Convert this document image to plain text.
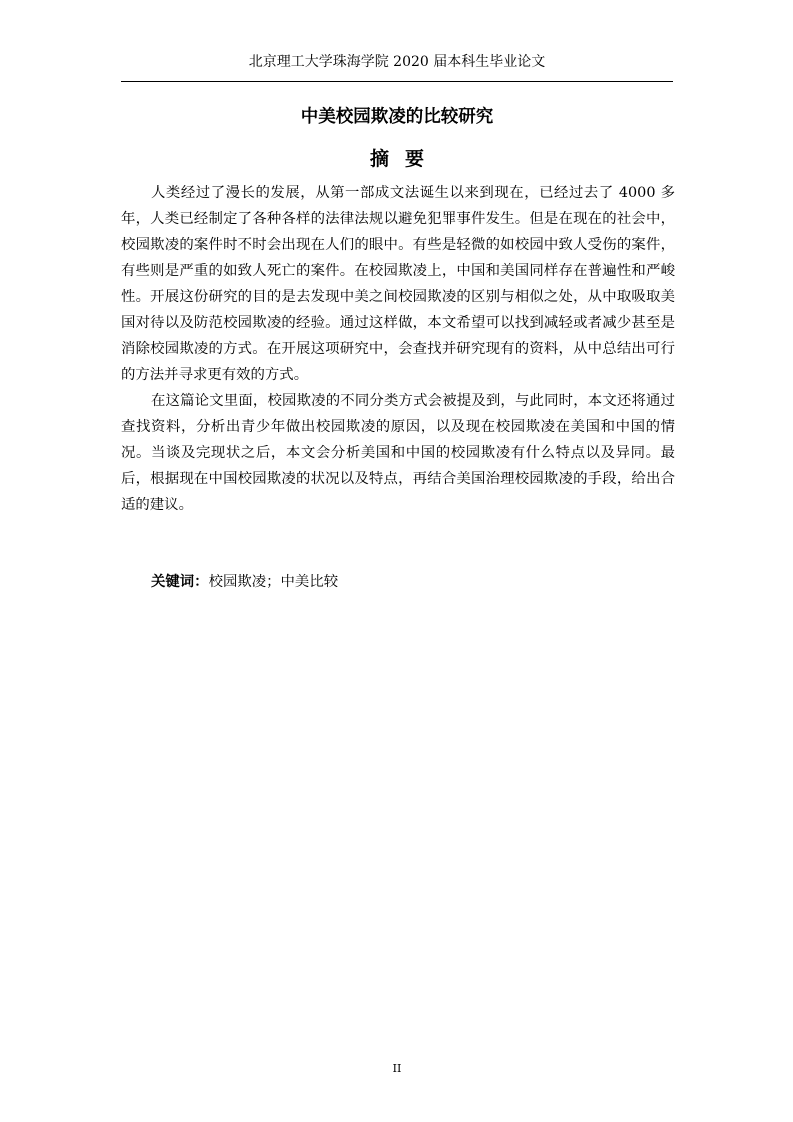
北京理工大学珠海学院 2020 届本科生毕业论文
中美校园欺凌的比较研究
摘要

人类经过了漫长的发展，从第一部成文法诞生以来到现在，已经过去了 4000 多年，人类已经制定了各种各样的法律法规以避免犯罪事件发生。但是在现在的社会中，校园欺凌的案件时不时会出现在人们的眼中。有些是轻微的如校园中致人受伤的案件，有些则是严重的如致人死亡的案件。在校园欺凌上，中国和美国同样存在普遍性和严峻性。开展这份研究的目的是去发现中美之间校园欺凌的区别与相似之处，从中取吸取美国对待以及防范校园欺凌的经验。通过这样做，本文希望可以找到减轻或者减少甚至是消除校园欺凌的方式。在开展这项研究中，会查找并研究现有的资料，从中总结出可行的方法并寻求更有效的方式。

在这篇论文里面，校园欺凌的不同分类方式会被提及到，与此同时，本文还将通过查找资料，分析出青少年做出校园欺凌的原因，以及现在校园欺凌在美国和中国的情况。当谈及完现状之后，本文会分析美国和中国的校园欺凌有什么特点以及异同。最后，根据现在中国校园欺凌的状况以及特点，再结合美国治理校园欺凌的手段，给出合适的建议。

关键词：校园欺凌；中美比较
II
